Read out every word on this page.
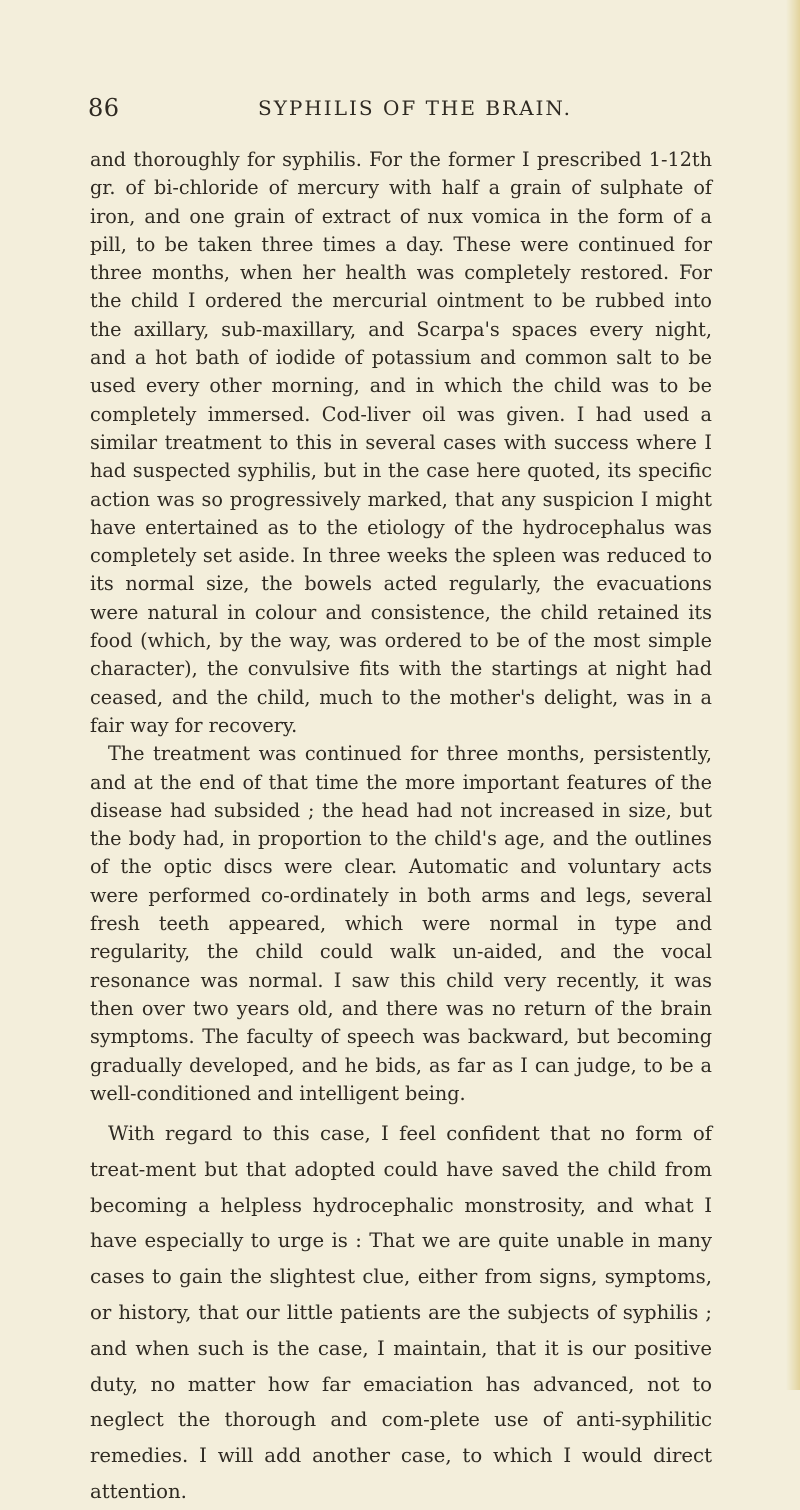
86	SYPHILIS OF THE BRAIN.

and thoroughly for syphilis. For the former I prescribed 1-12th gr. of bi-chloride of mercury with half a grain of sulphate of iron, and one grain of extract of nux vomica in the form of a pill, to be taken three times a day. These were continued for three months, when her health was completely restored. For the child I ordered the mercurial ointment to be rubbed into the axillary, sub-maxillary, and Scarpa's spaces every night, and a hot bath of iodide of potassium and common salt to be used every other morning, and in which the child was to be completely immersed. Cod-liver oil was given. I had used a similar treatment to this in several cases with success where I had suspected syphilis, but in the case here quoted, its specific action was so progressively marked, that any suspicion I might have entertained as to the etiology of the hydrocephalus was completely set aside. In three weeks the spleen was reduced to its normal size, the bowels acted regularly, the evacuations were natural in colour and consistence, the child retained its food (which, by the way, was ordered to be of the most simple character), the convulsive fits with the startings at night had ceased, and the child, much to the mother's delight, was in a fair way for recovery.

The treatment was continued for three months, persistently, and at the end of that time the more important features of the disease had subsided ; the head had not increased in size, but the body had, in proportion to the child's age, and the outlines of the optic discs were clear. Automatic and voluntary acts were performed co-ordinately in both arms and legs, several fresh teeth appeared, which were normal in type and regularity, the child could walk un-aided, and the vocal resonance was normal. I saw this child very recently, it was then over two years old, and there was no return of the brain symptoms. The faculty of speech was backward, but becoming gradually developed, and he bids, as far as I can judge, to be a well-conditioned and intelligent being.

With regard to this case, I feel confident that no form of treat-ment but that adopted could have saved the child from becoming a helpless hydrocephalic monstrosity, and what I have especially to urge is : That we are quite unable in many cases to gain the slightest clue, either from signs, symptoms, or history, that our little patients are the subjects of syphilis ; and when such is the case, I maintain, that it is our positive duty, no matter how far emaciation has advanced, not to neglect the thorough and com-plete use of anti-syphilitic remedies. I will add another case, to which I would direct attention.
